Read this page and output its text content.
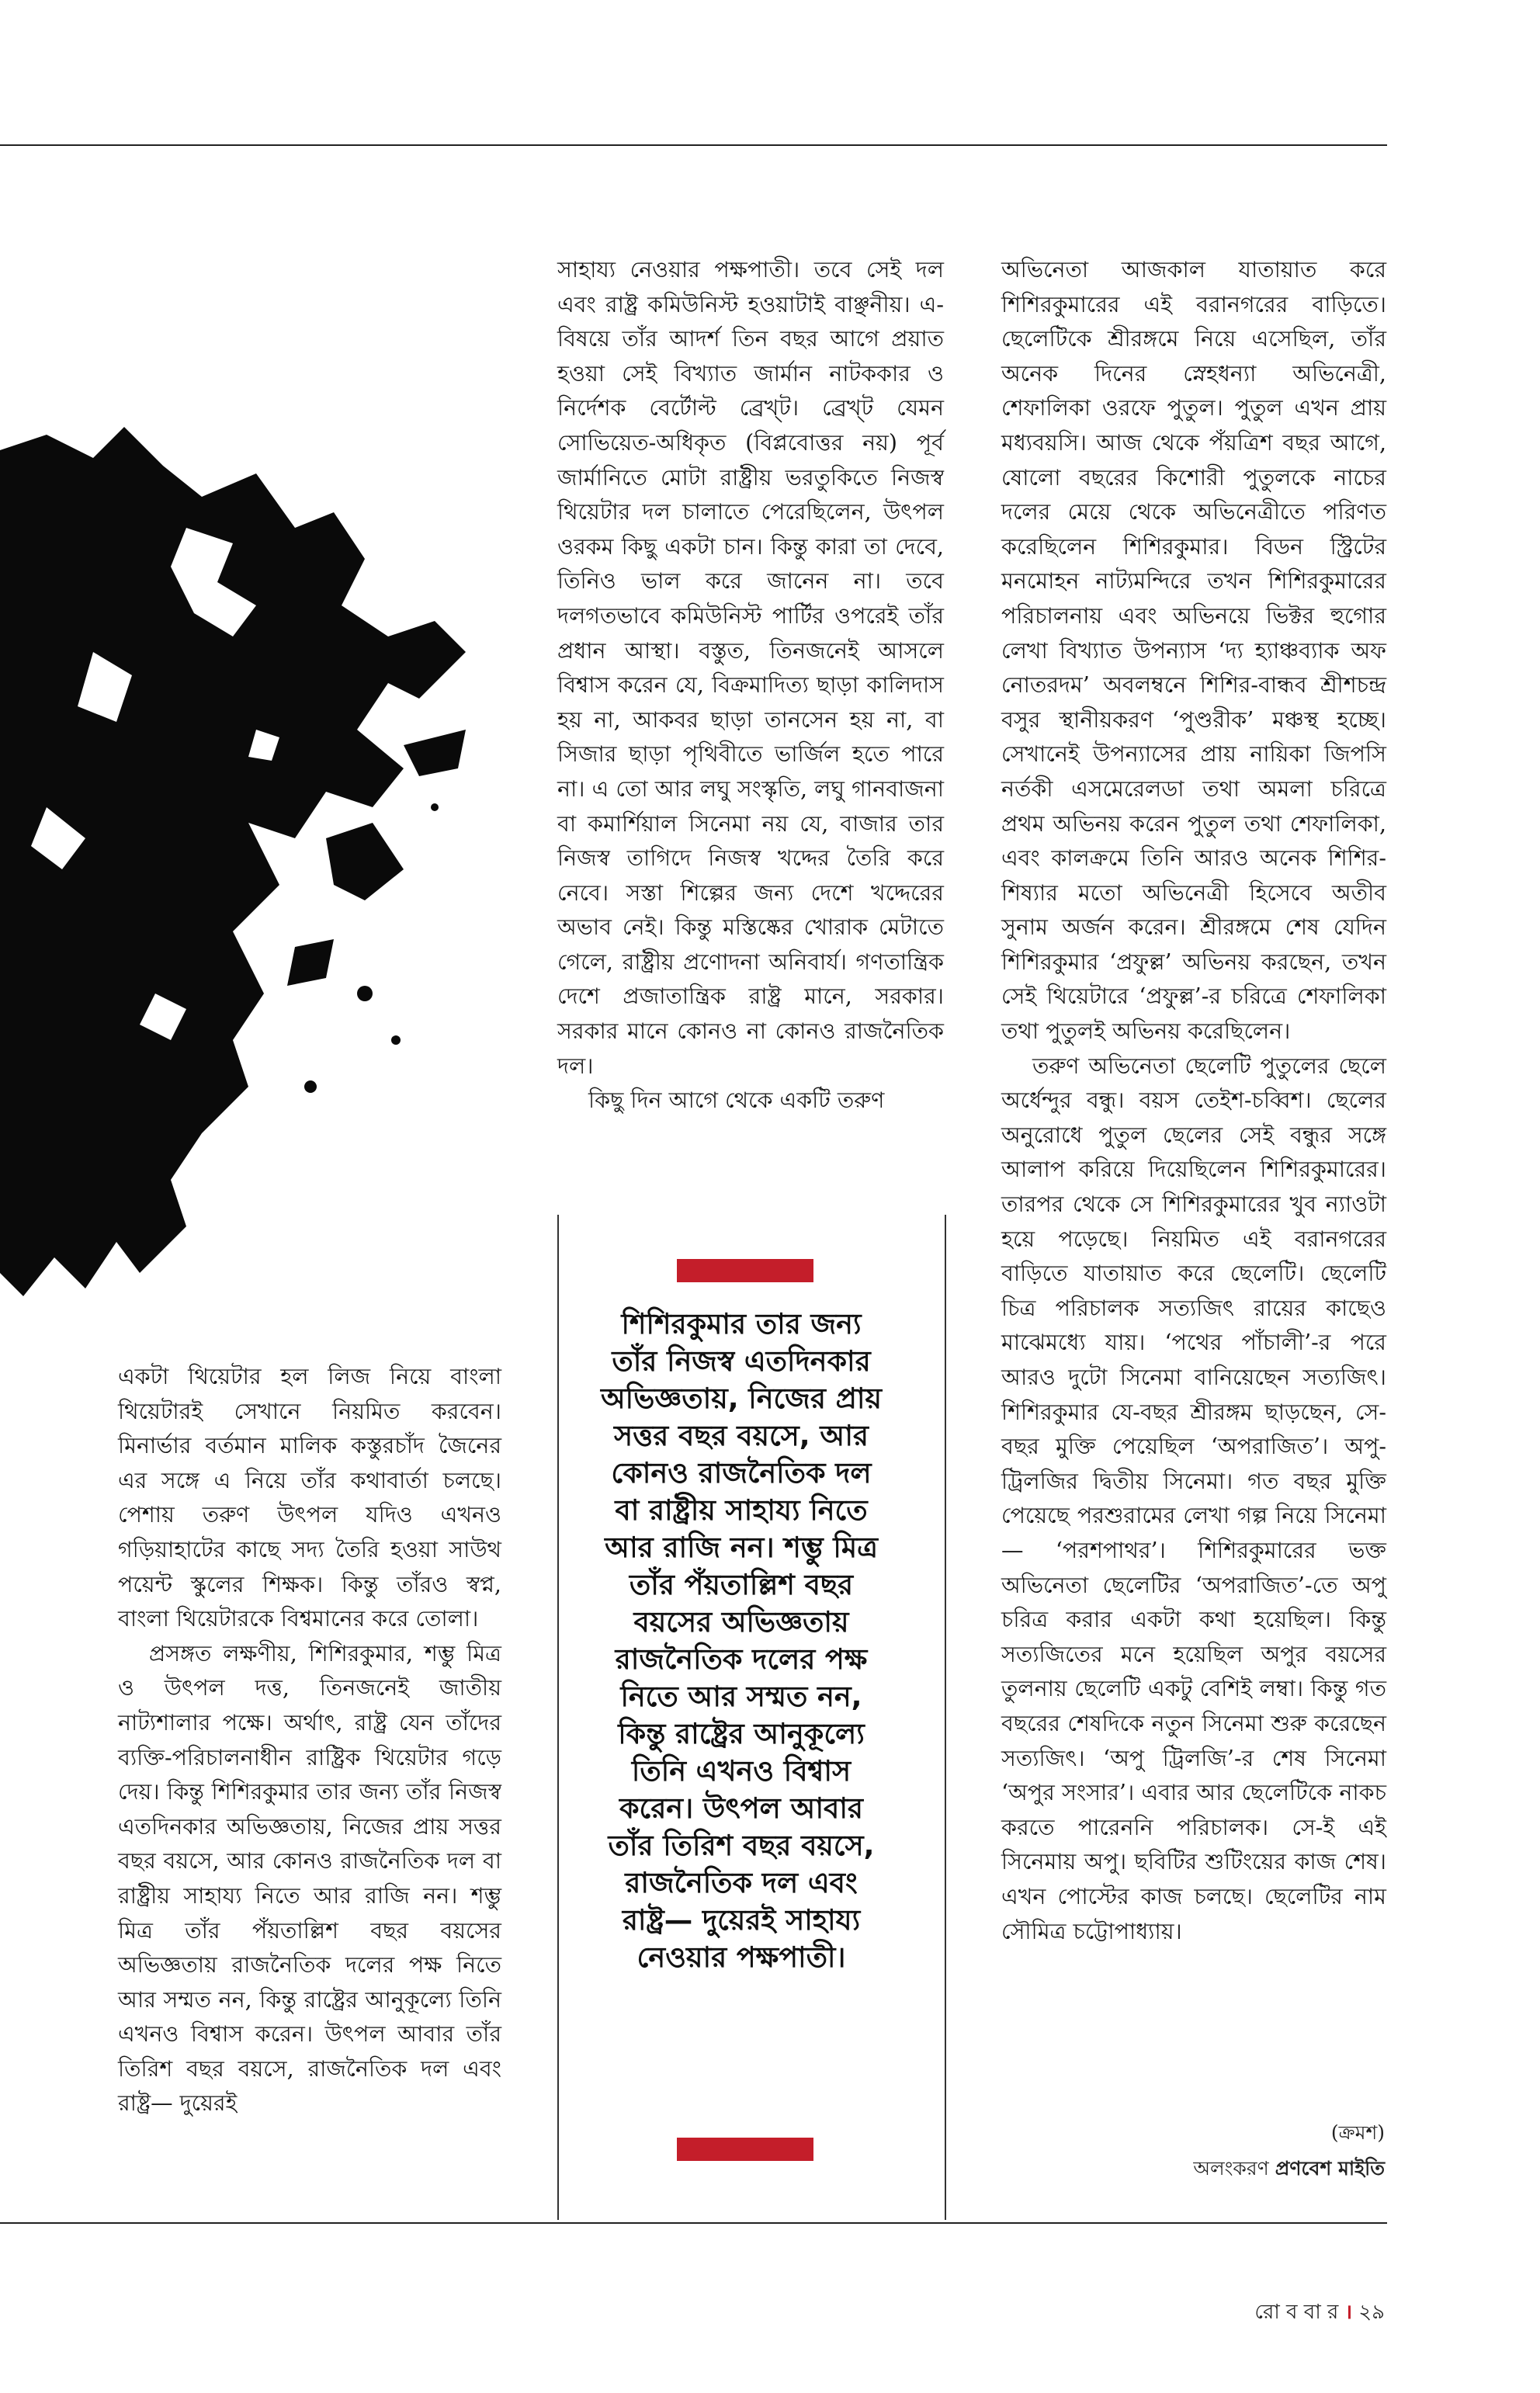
একটা থিয়েটার হল লিজ নিয়ে বাংলা থিয়েটারই সেখানে নিয়মিত করবেন। মিনার্ভার বর্তমান মালিক কস্তুরচাঁদ জৈনের এর সঙ্গে এ নিয়ে তাঁর কথাবার্তা চলছে। পেশায় তরুণ উৎপল যদিও এখনও গড়িয়াহাটের কাছে সদ্য তৈরি হওয়া সাউথ পয়েন্ট স্কুলের শিক্ষক। কিন্তু তাঁরও স্বপ্ন, বাংলা থিয়েটারকে বিশ্বমানের করে তোলা।

প্রসঙ্গত লক্ষণীয়, শিশিরকুমার, শম্ভু মিত্র ও উৎপল দত্ত, তিনজনেই জাতীয় নাট্যশালার পক্ষে। অর্থাৎ, রাষ্ট্র যেন তাঁদের ব্যক্তি-পরিচালনাধীন রাষ্ট্রিক থিয়েটার গড়ে দেয়। কিন্তু শিশিরকুমার তার জন্য তাঁর নিজস্ব এতদিনকার অভিজ্ঞতায়, নিজের প্রায় সত্তর বছর বয়সে, আর কোনও রাজনৈতিক দল বা রাষ্ট্রীয় সাহায্য নিতে আর রাজি নন। শম্ভু মিত্র তাঁর পঁয়তাল্লিশ বছর বয়সের অভিজ্ঞতায় রাজনৈতিক দলের পক্ষ নিতে আর সম্মত নন, কিন্তু রাষ্ট্রের আনুকূল্যে তিনি এখনও বিশ্বাস করেন। উৎপল আবার তাঁর তিরিশ বছর বয়সে, রাজনৈতিক দল এবং রাষ্ট্র— দুয়েরই

সাহায্য নেওয়ার পক্ষপাতী। তবে সেই দল এবং রাষ্ট্র কমিউনিস্ট হওয়াটাই বাঞ্ছনীয়। এ-বিষয়ে তাঁর আদর্শ তিন বছর আগে প্রয়াত হওয়া সেই বিখ্যাত জার্মান নাটককার ও নির্দেশক বের্টোল্ট ব্রেখ্ট। ব্রেখ্ট যেমন সোভিয়েত-অধিকৃত (বিপ্লবোত্তর নয়) পূর্ব জার্মানিতে মোটা রাষ্ট্রীয় ভরতুকিতে নিজস্ব থিয়েটার দল চালাতে পেরেছিলেন, উৎপল ওরকম কিছু একটা চান। কিন্তু কারা তা দেবে, তিনিও ভাল করে জানেন না। তবে দলগতভাবে কমিউনিস্ট পার্টির ওপরেই তাঁর প্রধান আস্থা। বস্তুত, তিনজনেই আসলে বিশ্বাস করেন যে, বিক্রমাদিত্য ছাড়া কালিদাস হয় না, আকবর ছাড়া তানসেন হয় না, বা সিজার ছাড়া পৃথিবীতে ভার্জিল হতে পারে না। এ তো আর লঘু সংস্কৃতি, লঘু গানবাজনা বা কমার্শিয়াল সিনেমা নয় যে, বাজার তার নিজস্ব তাগিদে নিজস্ব খদ্দের তৈরি করে নেবে। সস্তা শিল্পের জন্য দেশে খদ্দেরের অভাব নেই। কিন্তু মস্তিষ্কের খোরাক মেটাতে গেলে, রাষ্ট্রীয় প্রণোদনা অনিবার্য। গণতান্ত্রিক দেশে প্রজাতান্ত্রিক রাষ্ট্র মানে, সরকার। সরকার মানে কোনও না কোনও রাজনৈতিক দল।

কিছু দিন আগে থেকে একটি তরুণ

শিশিরকুমার তার জন্য
তাঁর নিজস্ব এতদিনকার
অভিজ্ঞতায়, নিজের প্রায়
সত্তর বছর বয়সে, আর
কোনও রাজনৈতিক দল
বা রাষ্ট্রীয় সাহায্য নিতে
আর রাজি নন। শম্ভু মিত্র
তাঁর পঁয়তাল্লিশ বছর
বয়সের অভিজ্ঞতায়
রাজনৈতিক দলের পক্ষ
নিতে আর সম্মত নন,
কিন্তু রাষ্ট্রের আনুকূল্যে
তিনি এখনও বিশ্বাস
করেন। উৎপল আবার
তাঁর তিরিশ বছর বয়সে,
রাজনৈতিক দল এবং
রাষ্ট্র— দুয়েরই সাহায্য
নেওয়ার পক্ষপাতী।

অভিনেতা আজকাল যাতায়াত করে শিশিরকুমারের এই বরানগরের বাড়িতে। ছেলেটিকে শ্রীরঙ্গমে নিয়ে এসেছিল, তাঁর অনেক দিনের স্নেহধন্যা অভিনেত্রী, শেফালিকা ওরফে পুতুল। পুতুল এখন প্রায় মধ্যবয়সি। আজ থেকে পঁয়ত্রিশ বছর আগে, ষোলো বছরের কিশোরী পুতুলকে নাচের দলের মেয়ে থেকে অভিনেত্রীতে পরিণত করেছিলেন শিশিরকুমার। বিডন স্ট্রিটের মনমোহন নাট্যমন্দিরে তখন শিশিরকুমারের পরিচালনায় এবং অভিনয়ে ভিক্টর হুগোর লেখা বিখ্যাত উপন্যাস ‘দ্য হ্যাঞ্চব্যাক অফ নোতরদম’ অবলম্বনে শিশির-বান্ধব শ্রীশচন্দ্র বসুর স্থানীয়করণ ‘পুণ্ডরীক’ মঞ্চস্থ হচ্ছে। সেখানেই উপন্যাসের প্রায় নায়িকা জিপসি নর্তকী এসমেরেলডা তথা অমলা চরিত্রে প্রথম অভিনয় করেন পুতুল তথা শেফালিকা, এবং কালক্রমে তিনি আরও অনেক শিশির-শিষ্যার মতো অভিনেত্রী হিসেবে অতীব সুনাম অর্জন করেন। শ্রীরঙ্গমে শেষ যেদিন শিশিরকুমার ‘প্রফুল্ল’ অভিনয় করছেন, তখন সেই থিয়েটারে ‘প্রফুল্ল’-র চরিত্রে শেফালিকা তথা পুতুলই অভিনয় করেছিলেন।

তরুণ অভিনেতা ছেলেটি পুতুলের ছেলে অর্ধেন্দুর বন্ধু। বয়স তেইশ-চব্বিশ। ছেলের অনুরোধে পুতুল ছেলের সেই বন্ধুর সঙ্গে আলাপ করিয়ে দিয়েছিলেন শিশিরকুমারের। তারপর থেকে সে শিশিরকুমারের খুব ন্যাওটা হয়ে পড়েছে। নিয়মিত এই বরানগরের বাড়িতে যাতায়াত করে ছেলেটি। ছেলেটি চিত্র পরিচালক সত্যজিৎ রায়ের কাছেও মাঝেমধ্যে যায়। ‘পথের পাঁচালী’-র পরে আরও দুটো সিনেমা বানিয়েছেন সত্যজিৎ। শিশিরকুমার যে-বছর শ্রীরঙ্গম ছাড়ছেন, সে-বছর মুক্তি পেয়েছিল ‘অপরাজিত’। অপু-ট্রিলজির দ্বিতীয় সিনেমা। গত বছর মুক্তি পেয়েছে পরশুরামের লেখা গল্প নিয়ে সিনেমা— ‘পরশপাথর’। শিশিরকুমারের ভক্ত অভিনেতা ছেলেটির ‘অপরাজিত’-তে অপু চরিত্র করার একটা কথা হয়েছিল। কিন্তু সত্যজিতের মনে হয়েছিল অপুর বয়সের তুলনায় ছেলেটি একটু বেশিই লম্বা। কিন্তু গত বছরের শেষদিকে নতুন সিনেমা শুরু করেছেন সত্যজিৎ। ‘অপু ট্রিলজি’-র শেষ সিনেমা ‘অপুর সংসার’। এবার আর ছেলেটিকে নাকচ করতে পারেননি পরিচালক। সে-ই এই সিনেমায় অপু। ছবিটির শুটিংয়ের কাজ শেষ। এখন পোস্টের কাজ চলছে। ছেলেটির নাম সৌমিত্র চট্টোপাধ্যায়।

(ক্রমশ)
অলংকরণ প্রণবেশ মাইতি
রো ব বা র । ২৯
